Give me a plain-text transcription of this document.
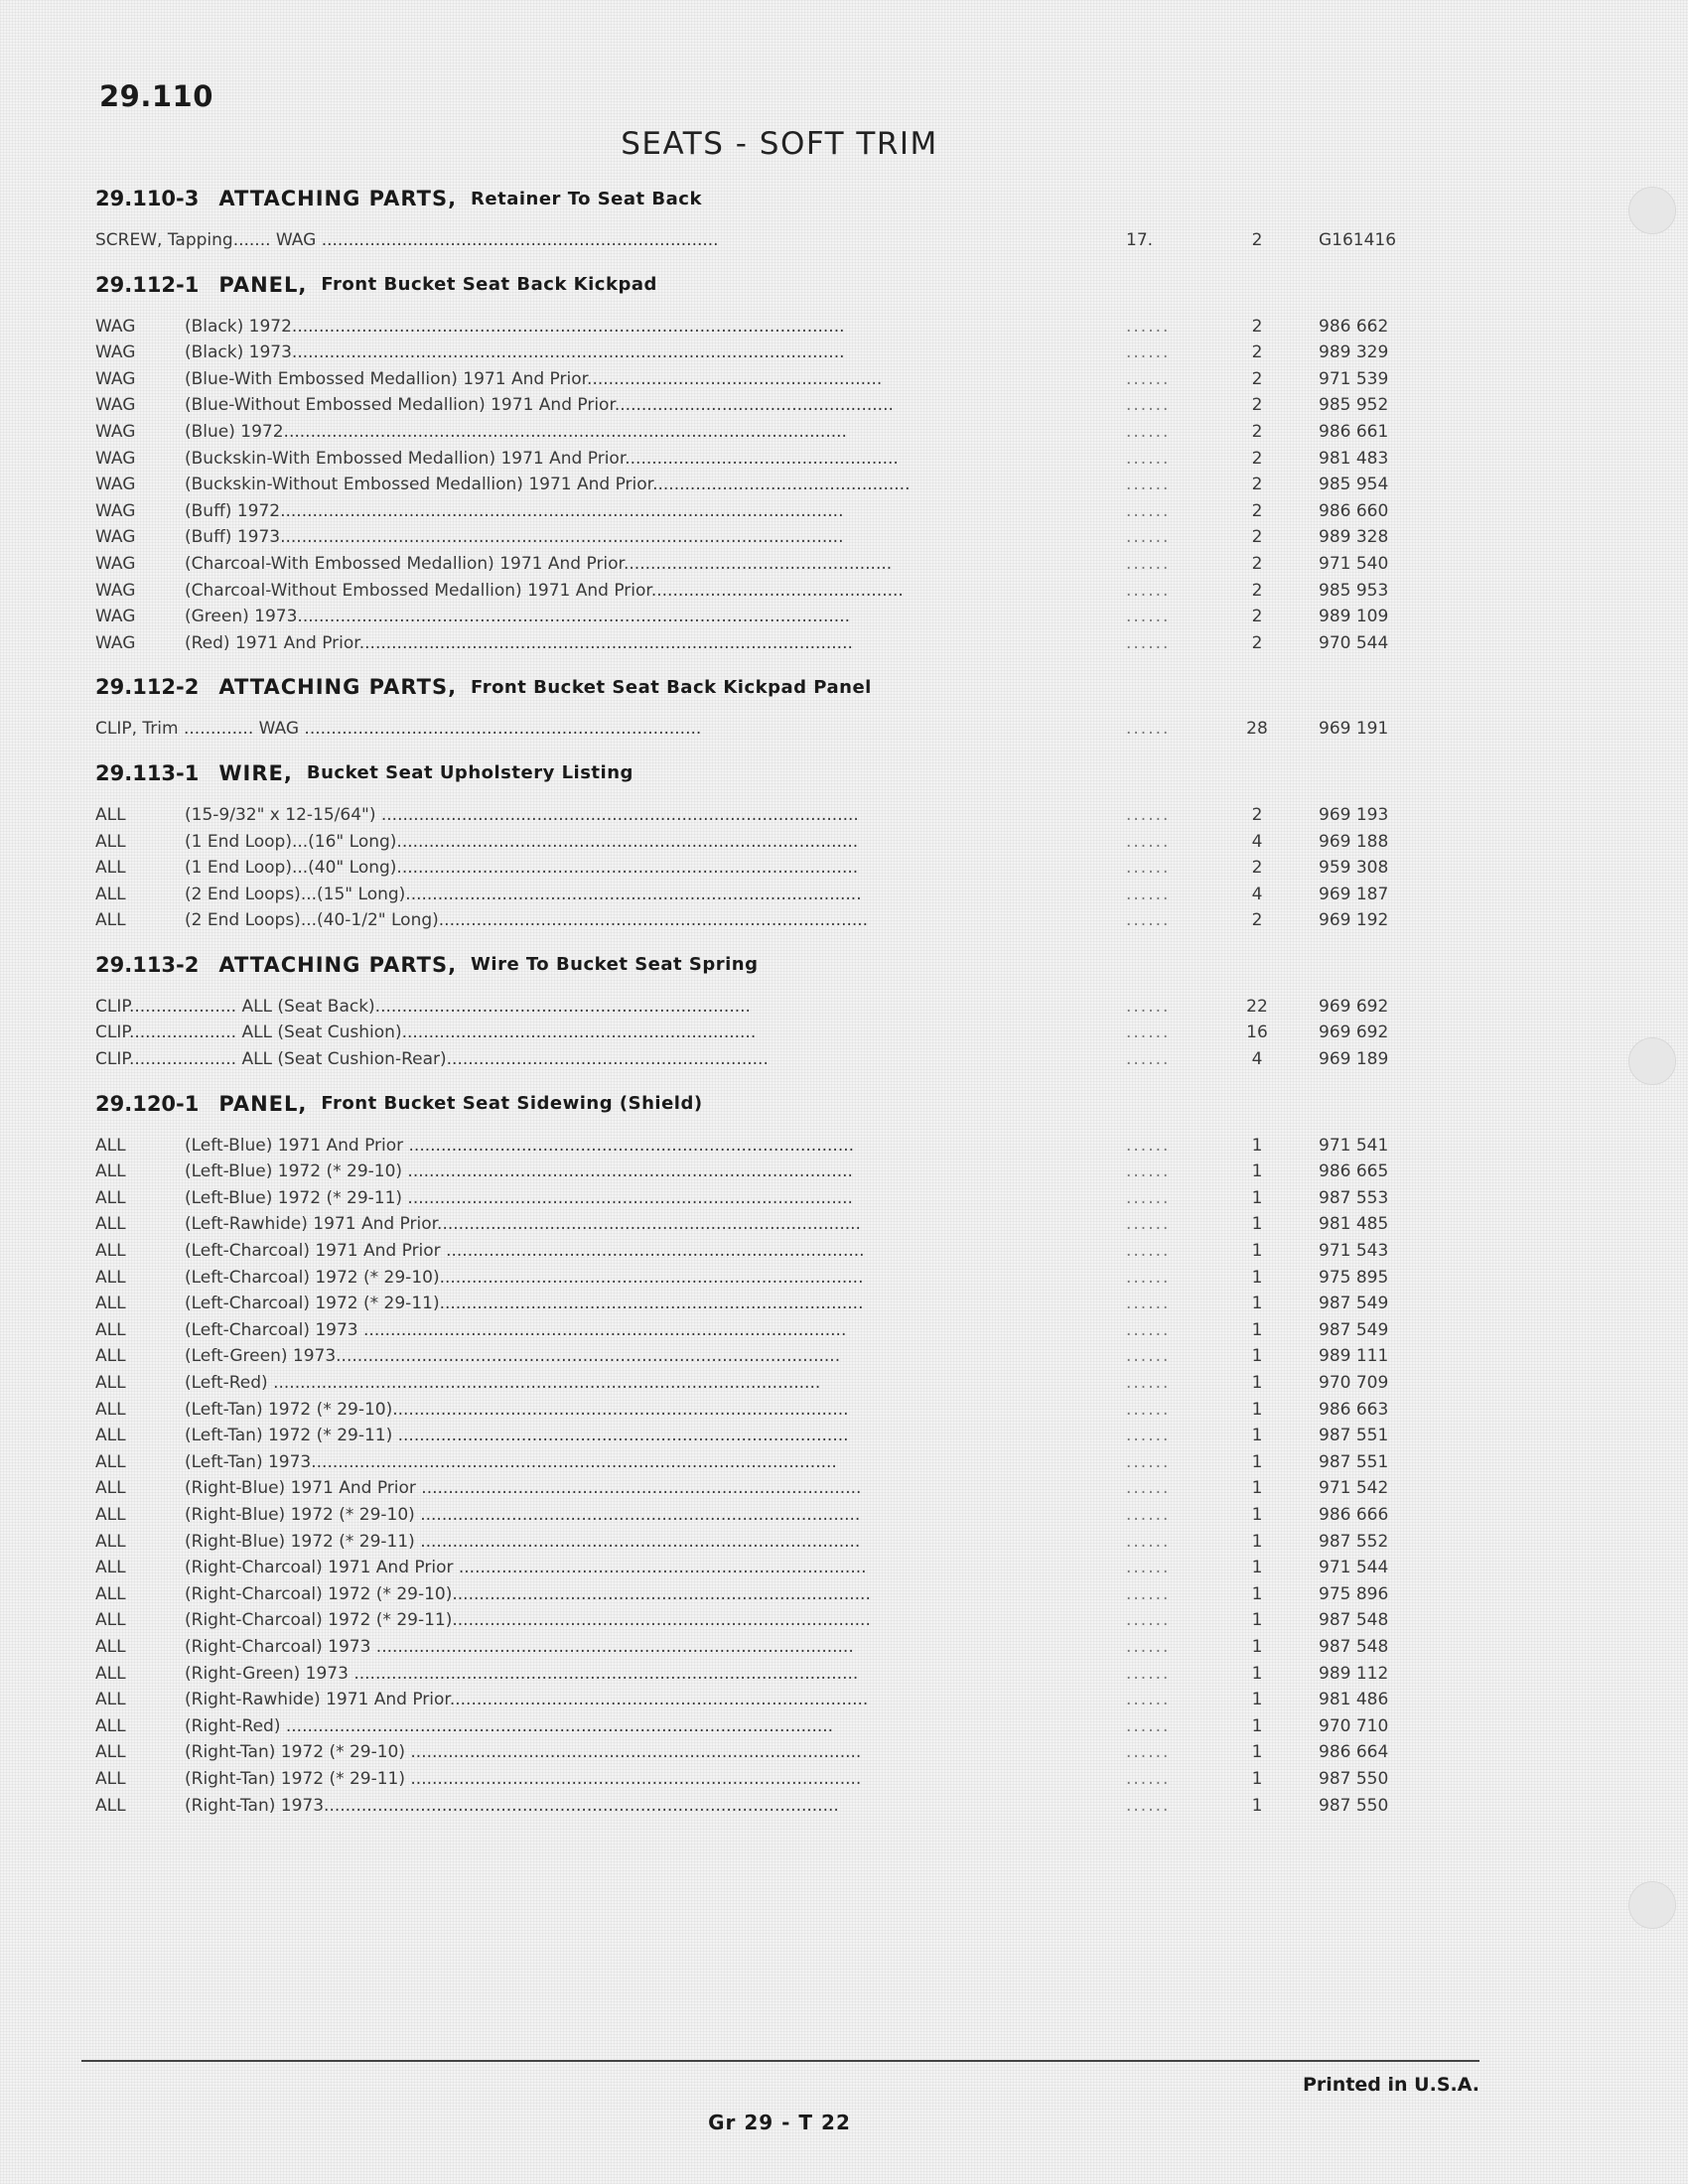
29.110
SEATS - SOFT TRIM
29.110-3 ATTACHING PARTS, Retainer To Seat Back
SCREW, Tapping....... WAG ..........................................................................	17.	2	G161416
29.112-1 PANEL, Front Bucket Seat Back Kickpad
WAG	(Black) 1972.......................................................................................................	......	2	986 662
WAG	(Black) 1973.......................................................................................................	......	2	989 329
WAG	(Blue-With Embossed Medallion) 1971 And Prior.......................................................	......	2	971 539
WAG	(Blue-Without Embossed Medallion) 1971 And Prior....................................................	......	2	985 952
WAG	(Blue) 1972.........................................................................................................	......	2	986 661
WAG	(Buckskin-With Embossed Medallion) 1971 And Prior...................................................	......	2	981 483
WAG	(Buckskin-Without Embossed Medallion) 1971 And Prior................................................	......	2	985 954
WAG	(Buff) 1972.........................................................................................................	......	2	986 660
WAG	(Buff) 1973.........................................................................................................	......	2	989 328
WAG	(Charcoal-With Embossed Medallion) 1971 And Prior..................................................	......	2	971 540
WAG	(Charcoal-Without Embossed Medallion) 1971 And Prior...............................................	......	2	985 953
WAG	(Green) 1973.......................................................................................................	......	2	989 109
WAG	(Red) 1971 And Prior............................................................................................	......	2	970 544
29.112-2 ATTACHING PARTS, Front Bucket Seat Back Kickpad Panel
CLIP, Trim ............. WAG ..........................................................................	......	28	969 191
29.113-1 WIRE, Bucket Seat Upholstery Listing
ALL	(15-9/32" x 12-15/64") .........................................................................................	......	2	969 193
ALL	(1 End Loop)...(16" Long)......................................................................................	......	4	969 188
ALL	(1 End Loop)...(40" Long)......................................................................................	......	2	959 308
ALL	(2 End Loops)...(15" Long).....................................................................................	......	4	969 187
ALL	(2 End Loops)...(40-1/2" Long)................................................................................	......	2	969 192
29.113-2 ATTACHING PARTS, Wire To Bucket Seat Spring
CLIP.................... ALL (Seat Back)......................................................................	......	22	969 692
CLIP.................... ALL (Seat Cushion)..................................................................	......	16	969 692
CLIP.................... ALL (Seat Cushion-Rear)............................................................	......	4	969 189
29.120-1 PANEL, Front Bucket Seat Sidewing (Shield)
ALL	(Left-Blue) 1971 And Prior ...................................................................................	......	1	971 541
ALL	(Left-Blue) 1972 (* 29-10) ...................................................................................	......	1	986 665
ALL	(Left-Blue) 1972 (* 29-11) ...................................................................................	......	1	987 553
ALL	(Left-Rawhide) 1971 And Prior...............................................................................	......	1	981 485
ALL	(Left-Charcoal) 1971 And Prior ..............................................................................	......	1	971 543
ALL	(Left-Charcoal) 1972 (* 29-10)...............................................................................	......	1	975 895
ALL	(Left-Charcoal) 1972 (* 29-11)...............................................................................	......	1	987 549
ALL	(Left-Charcoal) 1973 ..........................................................................................	......	1	987 549
ALL	(Left-Green) 1973..............................................................................................	......	1	989 111
ALL	(Left-Red) ......................................................................................................	......	1	970 709
ALL	(Left-Tan) 1972 (* 29-10).....................................................................................	......	1	986 663
ALL	(Left-Tan) 1972 (* 29-11) ....................................................................................	......	1	987 551
ALL	(Left-Tan) 1973..................................................................................................	......	1	987 551
ALL	(Right-Blue) 1971 And Prior ..................................................................................	......	1	971 542
ALL	(Right-Blue) 1972 (* 29-10) ..................................................................................	......	1	986 666
ALL	(Right-Blue) 1972 (* 29-11) ..................................................................................	......	1	987 552
ALL	(Right-Charcoal) 1971 And Prior ............................................................................	......	1	971 544
ALL	(Right-Charcoal) 1972 (* 29-10)..............................................................................	......	1	975 896
ALL	(Right-Charcoal) 1972 (* 29-11)..............................................................................	......	1	987 548
ALL	(Right-Charcoal) 1973 .........................................................................................	......	1	987 548
ALL	(Right-Green) 1973 ..............................................................................................	......	1	989 112
ALL	(Right-Rawhide) 1971 And Prior..............................................................................	......	1	981 486
ALL	(Right-Red) ......................................................................................................	......	1	970 710
ALL	(Right-Tan) 1972 (* 29-10) ....................................................................................	......	1	986 664
ALL	(Right-Tan) 1972 (* 29-11) ....................................................................................	......	1	987 550
ALL	(Right-Tan) 1973................................................................................................	......	1	987 550
Printed in U.S.A.
Gr 29 - T 22
